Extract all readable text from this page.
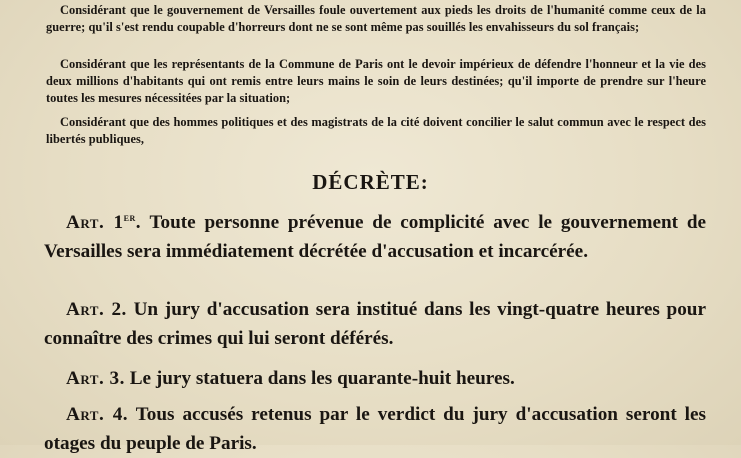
Considérant que le gouvernement de Versailles foule ouvertement aux pieds les droits de l'humanité comme ceux de la guerre; qu'il s'est rendu coupable d'horreurs dont ne se sont même pas souillés les envahisseurs du sol français;

Considérant que les représentants de la Commune de Paris ont le devoir impérieux de défendre l'honneur et la vie des deux millions d'habitants qui ont remis entre leurs mains le soin de leurs destinées; qu'il importe de prendre sur l'heure toutes les mesures nécessitées par la situation;

Considérant que des hommes politiques et des magistrats de la cité doivent concilier le salut commun avec le respect des libertés publiques,

DÉCRÈTE:

Art. 1er. Toute personne prévenue de complicité avec le gouvernement de Versailles sera immédiatement décrétée d'accusation et incarcérée.

Art. 2. Un jury d'accusation sera institué dans les vingt-quatre heures pour connaître des crimes qui lui seront déférés.

Art. 3. Le jury statuera dans les quarante-huit heures.

Art. 4. Tous accusés retenus par le verdict du jury d'accusation seront les otages du peuple de Paris.
